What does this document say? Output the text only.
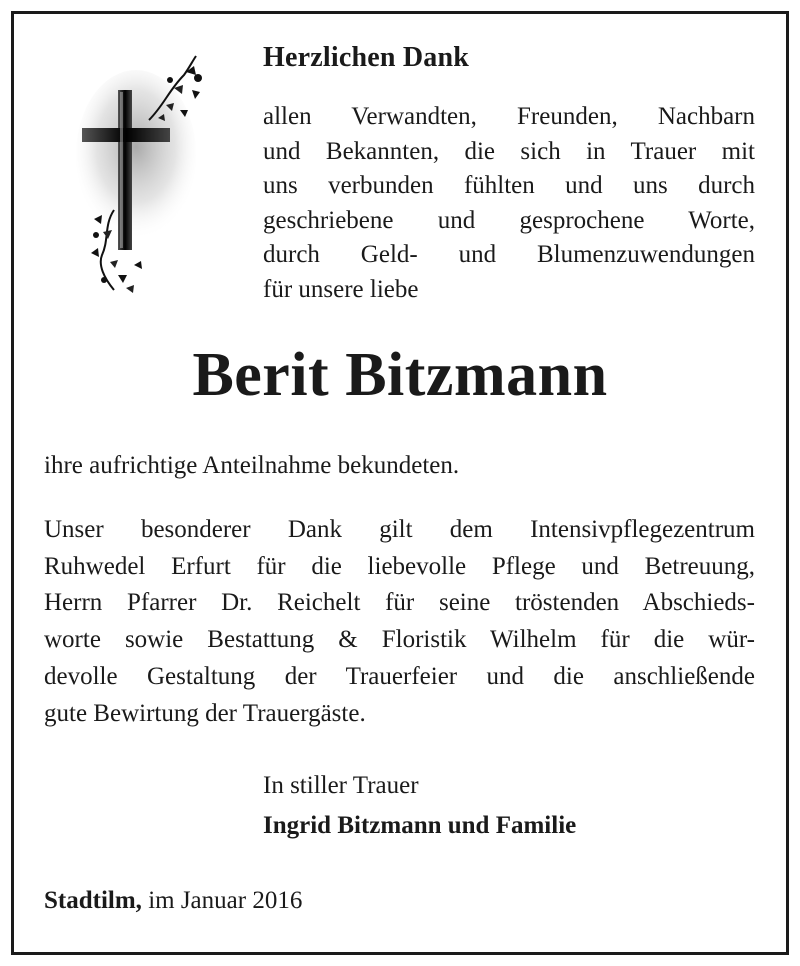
Herzlichen Dank

allen Verwandten, Freunden, Nachbarn
und Bekannten, die sich in Trauer mit
uns verbunden fühlten und uns durch
geschriebene und gesprochene Worte,
durch Geld- und Blumenzuwendungen
für unsere liebe

Berit Bitzmann

ihre aufrichtige Anteilnahme bekundeten.

Unser besonderer Dank gilt dem Intensivpflegezentrum
Ruhwedel Erfurt für die liebevolle Pflege und Betreuung,
Herrn Pfarrer Dr. Reichelt für seine tröstenden Abschieds-
worte sowie Bestattung & Floristik Wilhelm für die wür-
devolle Gestaltung der Trauerfeier und die anschließende
gute Bewirtung der Trauergäste.

In stiller Trauer

Ingrid Bitzmann und Familie

Stadtilm, im Januar 2016
